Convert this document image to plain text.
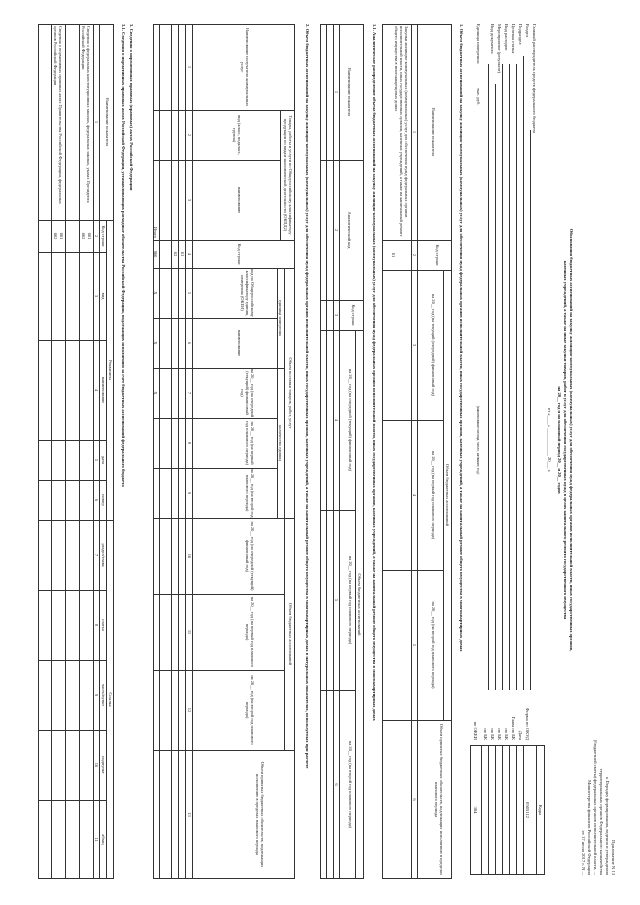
Приложение N 13
к Порядку формирования, ведения и утверждения
территориальных органов Федерального казначейства
(бюджетной сметы) федеральных органов исполнительной власти, ...
Министерства финансов Российской Федерации
от 17 июля 2017 г. N ...
Обоснования бюджетных ассигнований на закупку жилищно-коммунальных (коммунальных) услуг для обеспечения нужд федеральных органов исполнительной власти, иных государственных органов,
казенных учреждений, а также на иные закупки товаров, работ и услуг для обеспечения государственных нужд в целях капитального ремонта государственного имущества
на 20__ год и на плановый период 20__ и 20__ годов
от «____» ____________ 20___ г.
(наименование месяца, число, название, год)
Главный распорядитель средств федерального бюджета
Раздел
Подраздел
Целевая статья
Вид расходов
Мероприятие (результат)
Вид документа
Единица измерения:
тыс. руб.
Форма по ОКУД
Дата
Глава по БК
по БК
по БК
по БК
по БК
по ОКЕИ
Коды
0505112
384
1. Объем бюджетных ассигнований на закупку жилищно-коммунальных (коммунальных) услуг для обеспечения нужд федеральных органов исполнительной власти, иных государственных органов, казенных учреждений, а также на капитальный ремонт общего имущества в многоквартирных домах
Наименование показателя
Код строки
Объем бюджетных ассигнований
на 20__ год (на текущий (очередной) финансовый год)
на 20__ год (на первый год планового периода)
на 20__ год (на второй год планового периода)
Объем принятых бюджетных обязательств, подлежащих исполнению в пределах планового периода
1
2
3
4
5
6
Закупки жилищно-коммунальных (коммунальных) услуг для обеспечения нужд федеральных органов исполнительной власти, иных государственных органов, казенных учреждений, а также на капитальный ремонт общего имущества в многоквартирных домах
01
1.1. Аналитическое распределение объема бюджетных ассигнований на закупку жилищно-коммунальных (коммунальных) услуг для обеспечения нужд федеральных органов исполнительной власти, иных государственных органов, казенных учреждений, а также на капитальный ремонт общего имущества в многоквартирных домах
Наименование показателя
Аналитический код
Код строки
Объем бюджетных ассигнований
на 20__ год (на очередной (текущий) финансовый год)
на 20__ год (на первый год планового периода)
на 20__ год (на второй год планового периода)
1
2
3
4
5
6
2. Объем бюджетных ассигнований на закупку жилищно-коммунальных (коммунальных) услуг для обеспечения нужд федеральных органов исполнительной власти, иных государственных органов, казенных учреждений, а также на капитальный ремонт общего имущества в многоквартирных домах в натуральных показателях, используемых при расчете
Наименование получателя коммунальных услуг
Товары, работы и услуги по Общероссийскому классификатору продукции по видам экономической деятельности (ОКПД2)
вид (класс, подкласс, группа)
наименование
Код строки
Объем поставки товаров, работ, услуг
единица измерения
код по Общероссийскому классификатору единиц измерения (ОКЕИ)
наименование
количество единиц
на 20__ год (на очередной (текущий) финансовый год)
на 20__ год (на первый год планового периода)
на 20__ год (на второй год планового периода)
Объем бюджетных ассигнований
на 20__ год (на очередной (текущий) финансовый год)
на 20__ год (на первый год планового периода)
на 20__ год (на второй год планового периода)
Объем принятых бюджетных обязательств, подлежащих исполнению в пределах планового периода
1
2
3
4
5
6
7
8
9
10
11
12
13
01
02
Итого
900
X
X
X
3. Сведения о нормативных правовых (правовых) актах Российской Федерации
3.1. Сведения о нормативных правовых актах Российской Федерации, устанавливающих расходные обязательства Российской Федерации, подлежащих исполнению за счет бюджетных ассигнований федерального бюджета
Наименование показателя
Реквизиты
Ссылка
Код строки
вид
наименование
дата
номер
раздел/глава
статья
часть/пункт
подпункт
абзац
1
2
3
4
5
6
7
8
9
10
11
Сведения о федеральных конституционных законах, федеральных законах, указах Президента Российской Федерации
001
002
Сведения о нормативных правовых актах Правительства Российской Федерации, федеральных органов Российской Федерации
001
002
